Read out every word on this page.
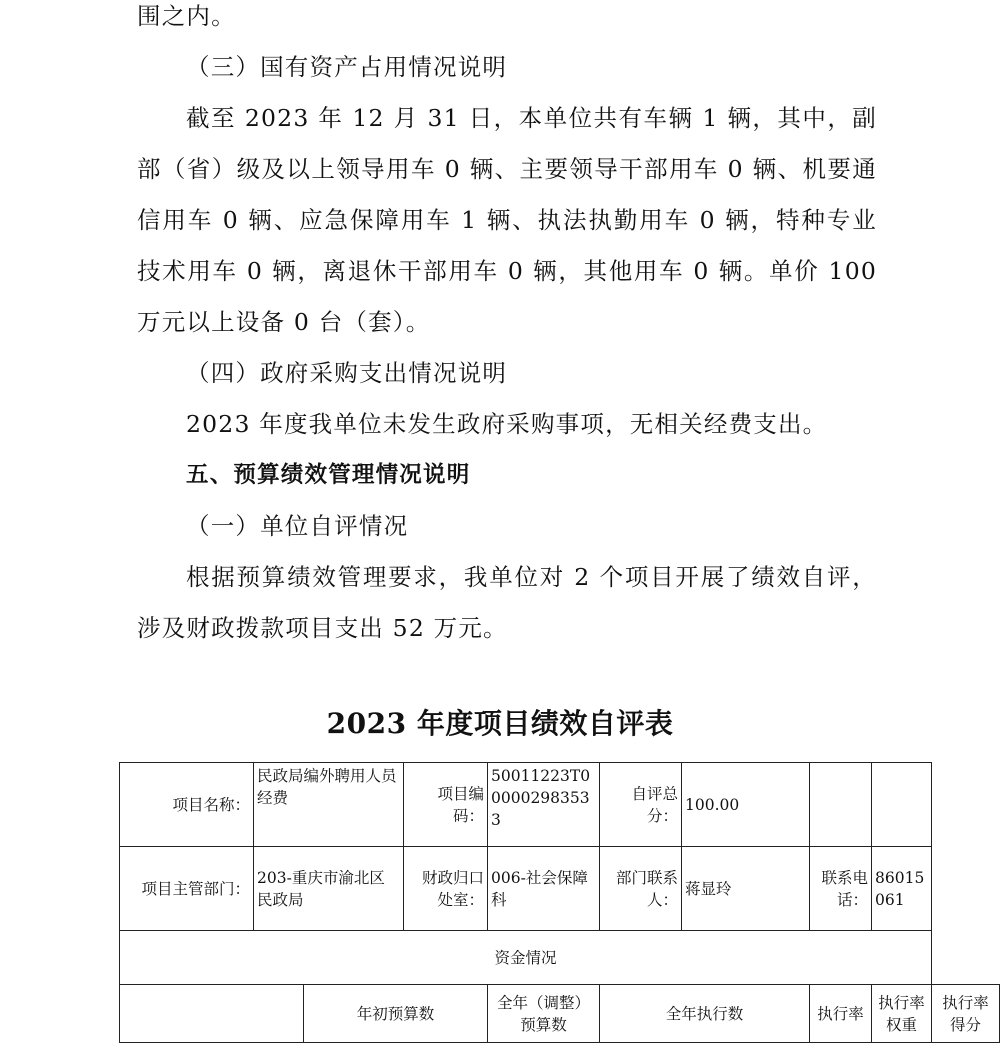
围之内。

（三）国有资产占用情况说明

截至 2023 年 12 月 31 日，本单位共有车辆 1 辆，其中，副部（省）级及以上领导用车 0 辆、主要领导干部用车 0 辆、机要通信用车 0 辆、应急保障用车 1 辆、执法执勤用车 0 辆，特种专业技术用车 0 辆，离退休干部用车 0 辆，其他用车 0 辆。单价 100 万元以上设备 0 台（套）。

（四）政府采购支出情况说明

2023 年度我单位未发生政府采购事项，无相关经费支出。

五、预算绩效管理情况说明

（一）单位自评情况

根据预算绩效管理要求，我单位对 2 个项目开展了绩效自评，涉及财政拨款项目支出 52 万元。

2023 年度项目绩效自评表
项目名称：	民政局编外聘用人员经费		项目编码：	50011223T000002983533	自评总分：	100.00			
项目主管部门：	203-重庆市渝北区民政局		财政归口处室：	006-社会保障科	部门联系人：	蒋显玲	联系电话：	86015061	
资金情况									
		年初预算数		全年（调整）预算数	全年执行数		执行率	执行率权重	执行率得分
